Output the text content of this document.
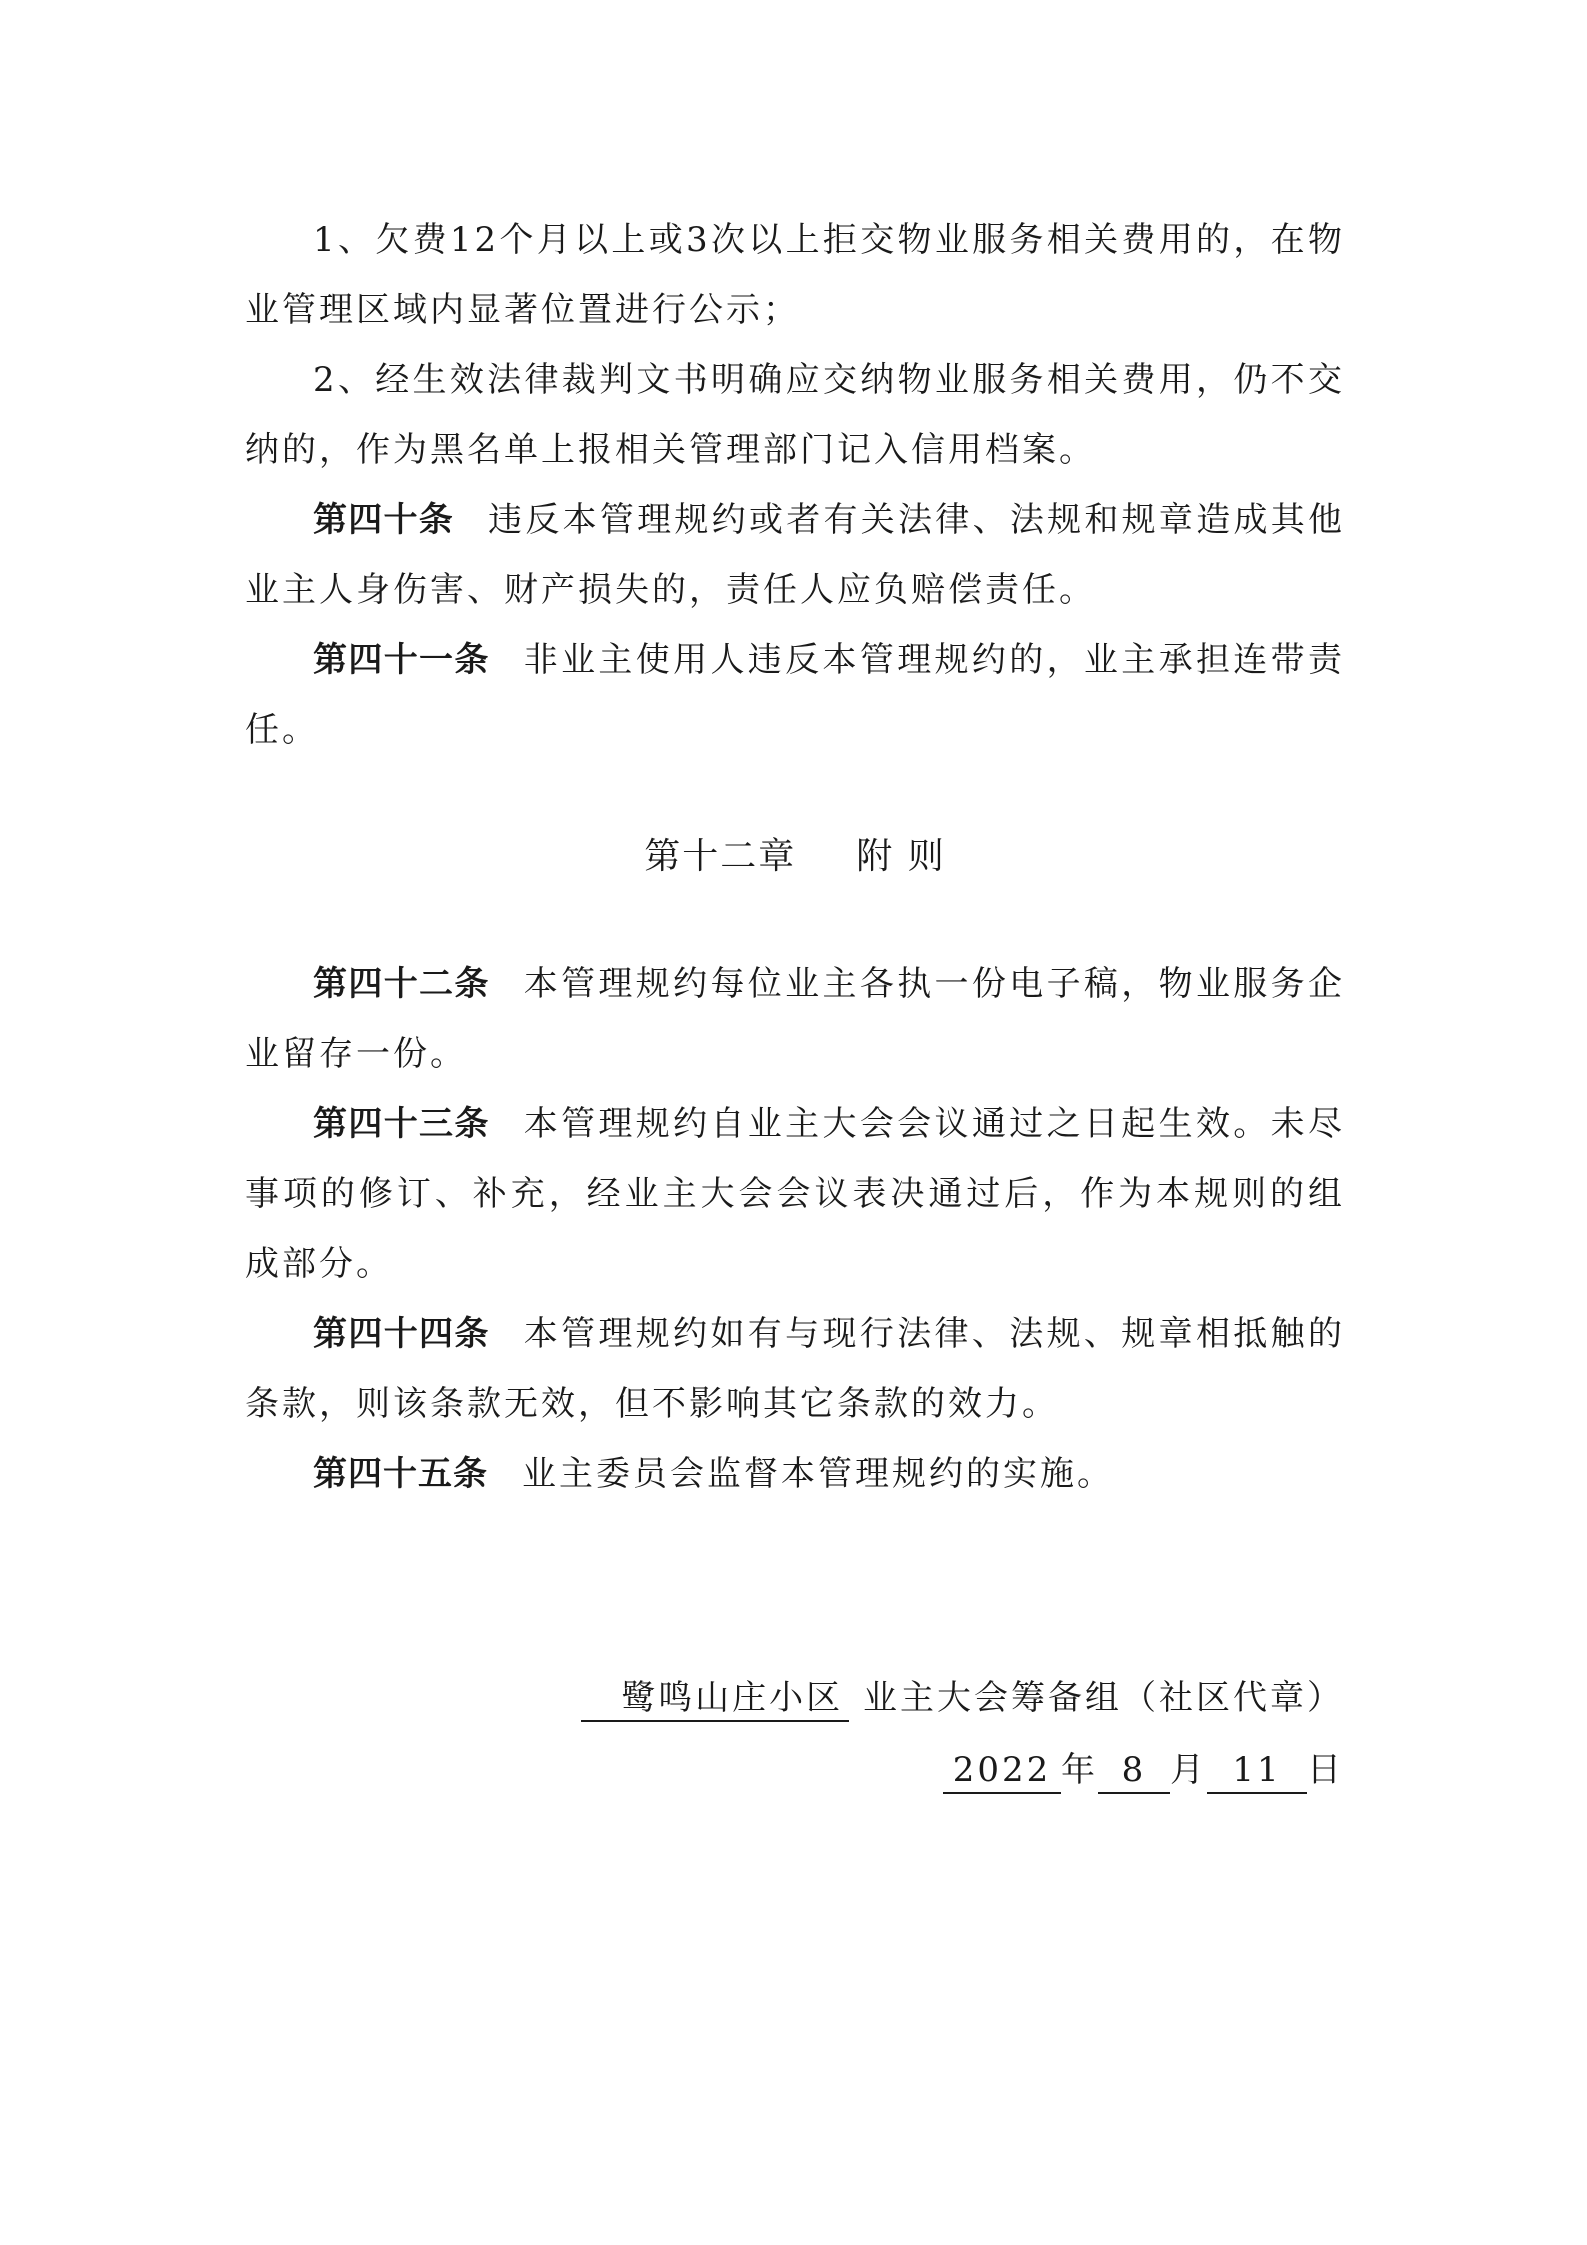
1、欠费12个月以上或3次以上拒交物业服务相关费用的，在物业管理区域内显著位置进行公示；

2、经生效法律裁判文书明确应交纳物业服务相关费用，仍不交纳的，作为黑名单上报相关管理部门记入信用档案。

第四十条 违反本管理规约或者有关法律、法规和规章造成其他业主人身伤害、财产损失的，责任人应负赔偿责任。

第四十一条 非业主使用人违反本管理规约的，业主承担连带责任。

第十二章 附 则

第四十二条 本管理规约每位业主各执一份电子稿，物业服务企业留存一份。

第四十三条 本管理规约自业主大会会议通过之日起生效。未尽事项的修订、补充，经业主大会会议表决通过后，作为本规则的组成部分。

第四十四条 本管理规约如有与现行法律、法规、规章相抵触的条款，则该条款无效，但不影响其它条款的效力。

第四十五条 业主委员会监督本管理规约的实施。

鹭鸣山庄小区 业主大会筹备组（社区代章）
2022 年 8 月 11 日
